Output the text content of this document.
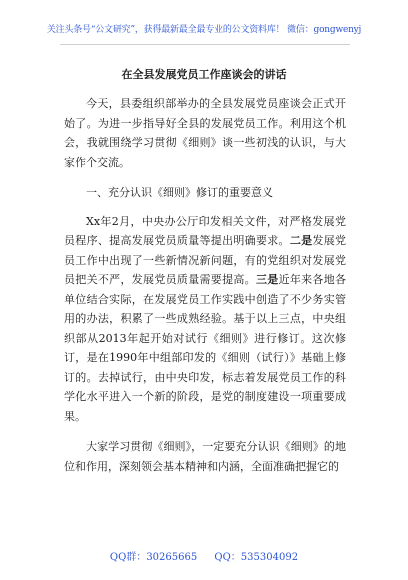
关注头条号“公文研究”，获得最新最全最专业的公文资料库！ 微信：gongwenyj
在全县发展党员工作座谈会的讲话

今天，县委组织部举办的全县发展党员座谈会正式开始了。为进一步指导好全县的发展党员工作。利用这个机会，我就围绕学习贯彻《细则》谈一些初浅的认识，与大家作个交流。

一、充分认识《细则》修订的重要意义

Xx年2月，中央办公厅印发相关文件，对严格发展党员程序、提高发展党员质量等提出明确要求。二是发展党员工作中出现了一些新情况新问题，有的党组织对发展党员把关不严，发展党员质量需要提高。三是近年来各地各单位结合实际，在发展党员工作实践中创造了不少务实管用的办法，积累了一些成熟经验。基于以上三点，中央组织部从2013年起开始对试行《细则》进行修订。这次修订，是在1990年中组部印发的《细则（试行）》基础上修订的。去掉试行，由中央印发，标志着发展党员工作的科学化水平进入一个新的阶段，是党的制度建设一项重要成果。

大家学习贯彻《细则》，一定要充分认识《细则》的地位和作用，深刻领会基本精神和内涵，全面准确把握它的

QQ群：30265665 QQ：535304092
